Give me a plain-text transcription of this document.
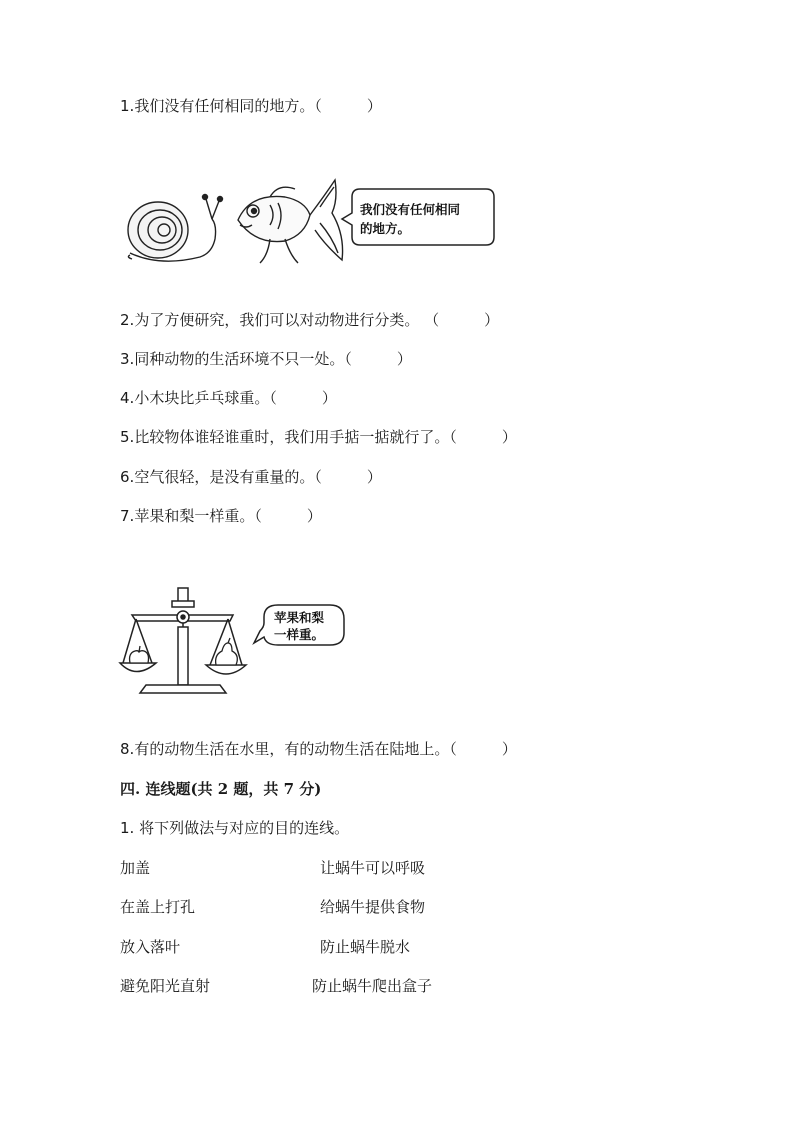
1.我们没有任何相同的地方。（　　　）
我们没有任何相同
的地方。
2.为了方便研究，我们可以对动物进行分类。 （　　　）
3.同种动物的生活环境不只一处。（　　　）
4.小木块比乒乓球重。（　　　）
5.比较物体谁轻谁重时，我们用手掂一掂就行了。（　　　）
6.空气很轻，是没有重量的。（　　　）
7.苹果和梨一样重。（　　　）
苹果和梨
一样重。
8.有的动物生活在水里，有的动物生活在陆地上。（　　　）
四. 连线题(共 2 题，共 7 分)
1. 将下列做法与对应的目的连线。
加盖	让蜗牛可以呼吸
在盖上打孔	给蜗牛提供食物
放入落叶	防止蜗牛脱水
避免阳光直射	防止蜗牛爬出盒子
